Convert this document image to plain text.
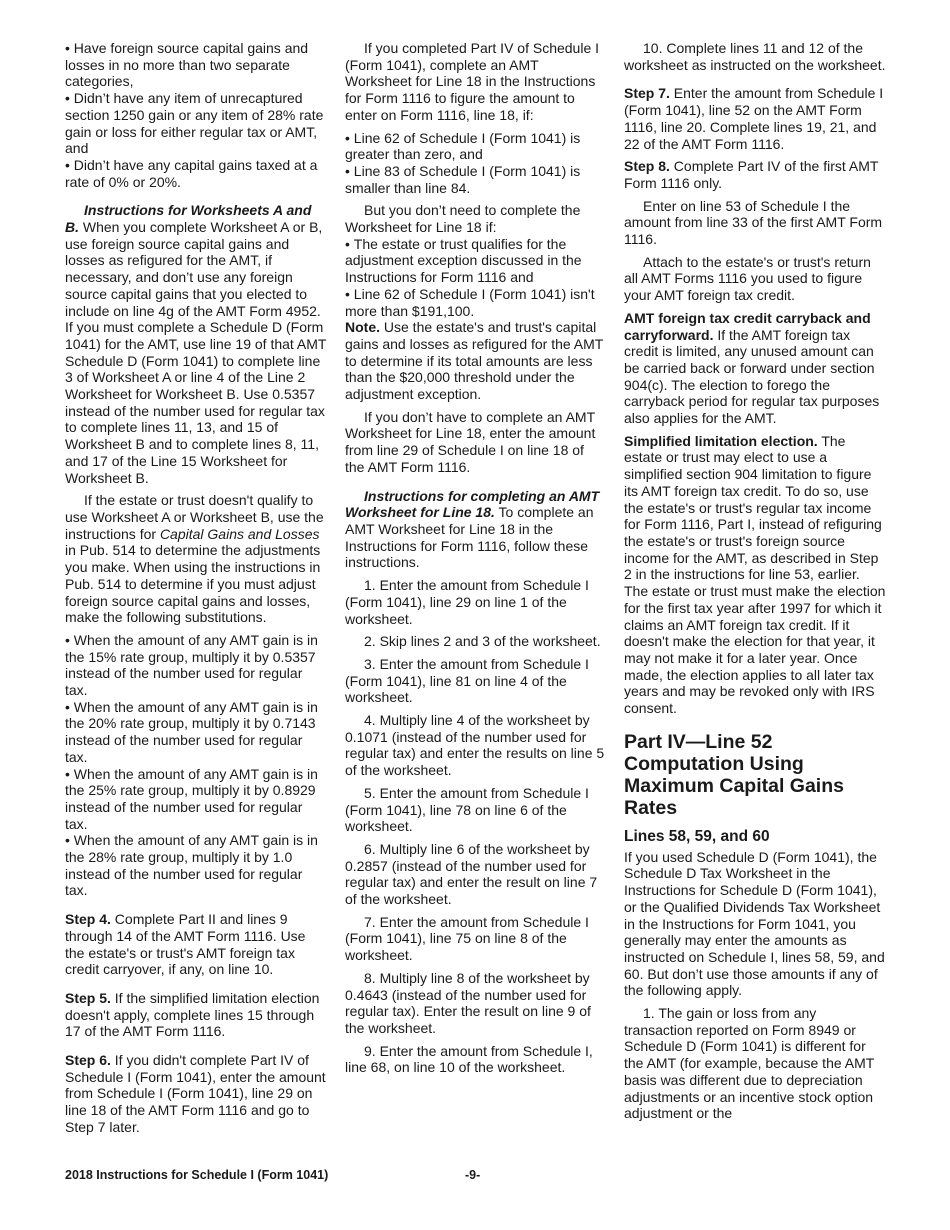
• Have foreign source capital gains and losses in no more than two separate categories,
• Didn’t have any item of unrecaptured section 1250 gain or any item of 28% rate gain or loss for either regular tax or AMT, and
• Didn’t have any capital gains taxed at a rate of 0% or 20%.

Instructions for Worksheets A and B. When you complete Worksheet A or B, use foreign source capital gains and losses as refigured for the AMT, if necessary, and don’t use any foreign source capital gains that you elected to include on line 4g of the AMT Form 4952. If you must complete a Schedule D (Form 1041) for the AMT, use line 19 of that AMT Schedule D (Form 1041) to complete line 3 of Worksheet A or line 4 of the Line 2 Worksheet for Worksheet B. Use 0.5357 instead of the number used for regular tax to complete lines 11, 13, and 15 of Worksheet B and to complete lines 8, 11, and 17 of the Line 15 Worksheet for Worksheet B.

If the estate or trust doesn't qualify to use Worksheet A or Worksheet B, use the instructions for Capital Gains and Losses in Pub. 514 to determine the adjustments you make. When using the instructions in Pub. 514 to determine if you must adjust foreign source capital gains and losses, make the following substitutions.

• When the amount of any AMT gain is in the 15% rate group, multiply it by 0.5357 instead of the number used for regular tax.
• When the amount of any AMT gain is in the 20% rate group, multiply it by 0.7143 instead of the number used for regular tax.
• When the amount of any AMT gain is in the 25% rate group, multiply it by 0.8929 instead of the number used for regular tax.
• When the amount of any AMT gain is in the 28% rate group, multiply it by 1.0 instead of the number used for regular tax.

Step 4. Complete Part II and lines 9 through 14 of the AMT Form 1116. Use the estate's or trust's AMT foreign tax credit carryover, if any, on line 10.

Step 5. If the simplified limitation election doesn't apply, complete lines 15 through 17 of the AMT Form 1116.

Step 6. If you didn't complete Part IV of Schedule I (Form 1041), enter the amount from Schedule I (Form 1041), line 29 on line 18 of the AMT Form 1116 and go to Step 7 later.

If you completed Part IV of Schedule I (Form 1041), complete an AMT Worksheet for Line 18 in the Instructions for Form 1116 to figure the amount to enter on Form 1116, line 18, if:

• Line 62 of Schedule I (Form 1041) is greater than zero, and
• Line 83 of Schedule I (Form 1041) is smaller than line 84.

But you don’t need to complete the Worksheet for Line 18 if:

• The estate or trust qualifies for the adjustment exception discussed in the Instructions for Form 1116 and
• Line 62 of Schedule I (Form 1041) isn't more than $191,100.

Note. Use the estate's and trust's capital gains and losses as refigured for the AMT to determine if its total amounts are less than the $20,000 threshold under the adjustment exception.

If you don’t have to complete an AMT Worksheet for Line 18, enter the amount from line 29 of Schedule I on line 18 of the AMT Form 1116.

Instructions for completing an AMT Worksheet for Line 18. To complete an AMT Worksheet for Line 18 in the Instructions for Form 1116, follow these instructions.

1. Enter the amount from Schedule I (Form 1041), line 29 on line 1 of the worksheet.

2. Skip lines 2 and 3 of the worksheet.

3. Enter the amount from Schedule I (Form 1041), line 81 on line 4 of the worksheet.

4. Multiply line 4 of the worksheet by 0.1071 (instead of the number used for regular tax) and enter the results on line 5 of the worksheet.

5. Enter the amount from Schedule I (Form 1041), line 78 on line 6 of the worksheet.

6. Multiply line 6 of the worksheet by 0.2857 (instead of the number used for regular tax) and enter the result on line 7 of the worksheet.

7. Enter the amount from Schedule I (Form 1041), line 75 on line 8 of the worksheet.

8. Multiply line 8 of the worksheet by 0.4643 (instead of the number used for regular tax). Enter the result on line 9 of the worksheet.

9. Enter the amount from Schedule I, line 68, on line 10 of the worksheet.

10. Complete lines 11 and 12 of the worksheet as instructed on the worksheet.

Step 7. Enter the amount from Schedule I (Form 1041), line 52 on the AMT Form 1116, line 20. Complete lines 19, 21, and 22 of the AMT Form 1116.

Step 8. Complete Part IV of the first AMT Form 1116 only.

Enter on line 53 of Schedule I the amount from line 33 of the first AMT Form 1116.

Attach to the estate's or trust's return all AMT Forms 1116 you used to figure your AMT foreign tax credit.

AMT foreign tax credit carryback and carryforward. If the AMT foreign tax credit is limited, any unused amount can be carried back or forward under section 904(c). The election to forego the carryback period for regular tax purposes also applies for the AMT.

Simplified limitation election. The estate or trust may elect to use a simplified section 904 limitation to figure its AMT foreign tax credit. To do so, use the estate's or trust's regular tax income for Form 1116, Part I, instead of refiguring the estate's or trust's foreign source income for the AMT, as described in Step 2 in the instructions for line 53, earlier. The estate or trust must make the election for the first tax year after 1997 for which it claims an AMT foreign tax credit. If it doesn't make the election for that year, it may not make it for a later year. Once made, the election applies to all later tax years and may be revoked only with IRS consent.

Part IV—Line 52 Computation Using Maximum Capital Gains Rates
Lines 58, 59, and 60

If you used Schedule D (Form 1041), the Schedule D Tax Worksheet in the Instructions for Schedule D (Form 1041), or the Qualified Dividends Tax Worksheet in the Instructions for Form 1041, you generally may enter the amounts as instructed on Schedule I, lines 58, 59, and 60. But don’t use those amounts if any of the following apply.

1. The gain or loss from any transaction reported on Form 8949 or Schedule D (Form 1041) is different for the AMT (for example, because the AMT basis was different due to depreciation adjustments or an incentive stock option adjustment or the

2018 Instructions for Schedule I (Form 1041)	-9-
